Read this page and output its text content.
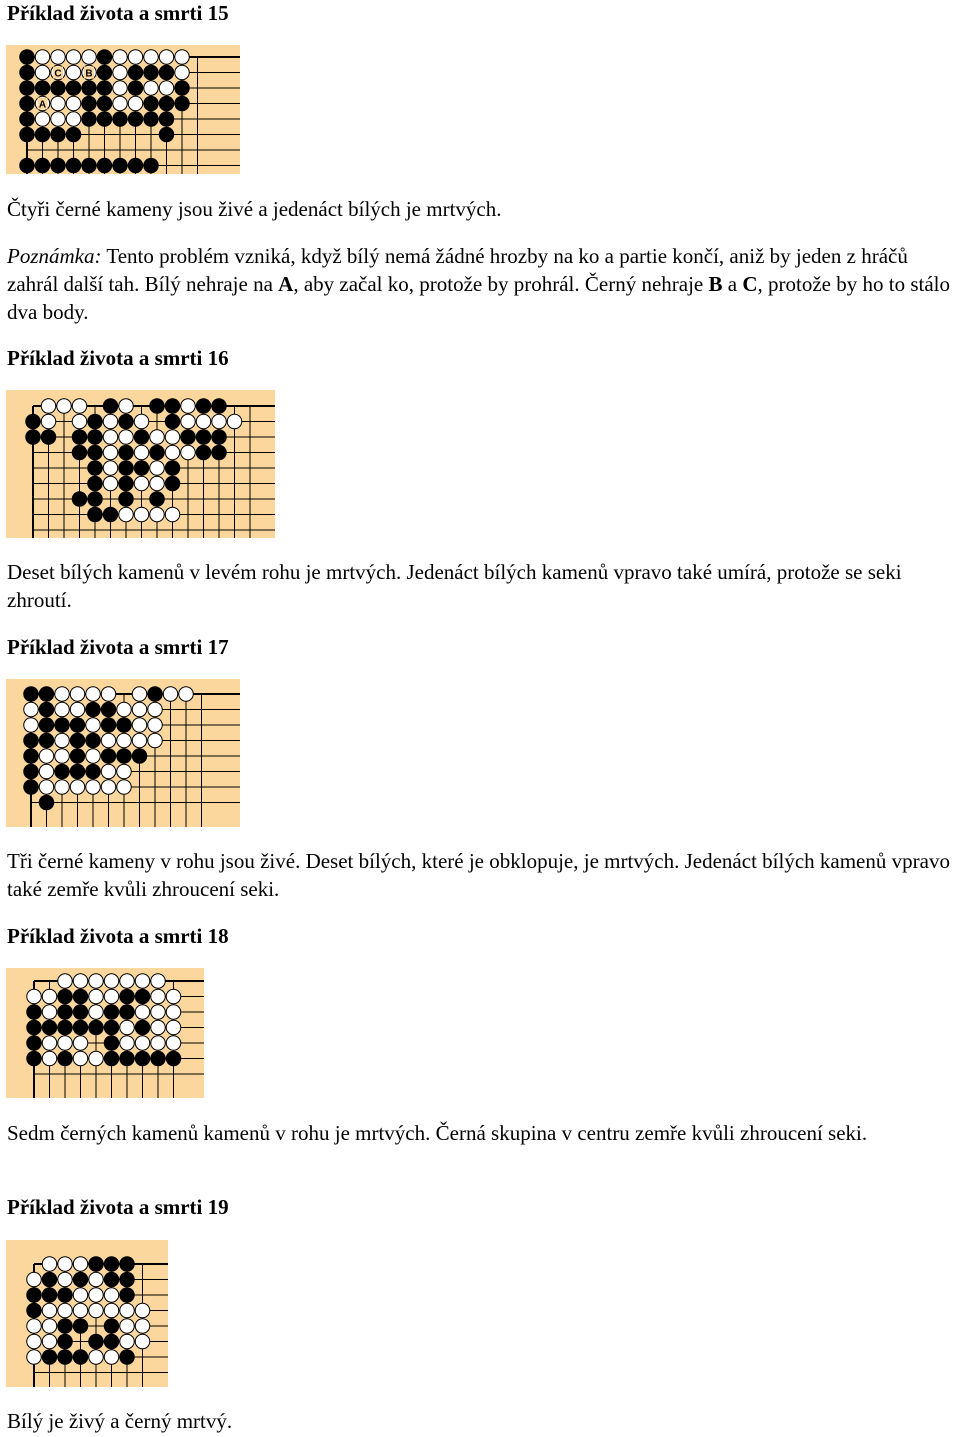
Příklad života a smrti 15
C B
A

Čtyři černé kameny jsou živé a jedenáct bílých je mrtvých.

Poznámka: Tento problém vzniká, když bílý nemá žádné hrozby na ko a partie končí, aniž by jeden z hráčů zahrál další tah. Bílý nehraje na A, aby začal ko, protože by prohrál. Černý nehraje B a C, protože by ho to stálo dva body.

Příklad života a smrti 16

Deset bílých kamenů v levém rohu je mrtvých. Jedenáct bílých kamenů vpravo také umírá, protože se seki zhroutí.

Příklad života a smrti 17

Tři černé kameny v rohu jsou živé. Deset bílých, které je obklopuje, je mrtvých. Jedenáct bílých kamenů vpravo také zemře kvůli zhroucení seki.

Příklad života a smrti 18

Sedm černých kamenů kamenů v rohu je mrtvých. Černá skupina v centru zemře kvůli zhroucení seki.

Příklad života a smrti 19

Bílý je živý a černý mrtvý.
